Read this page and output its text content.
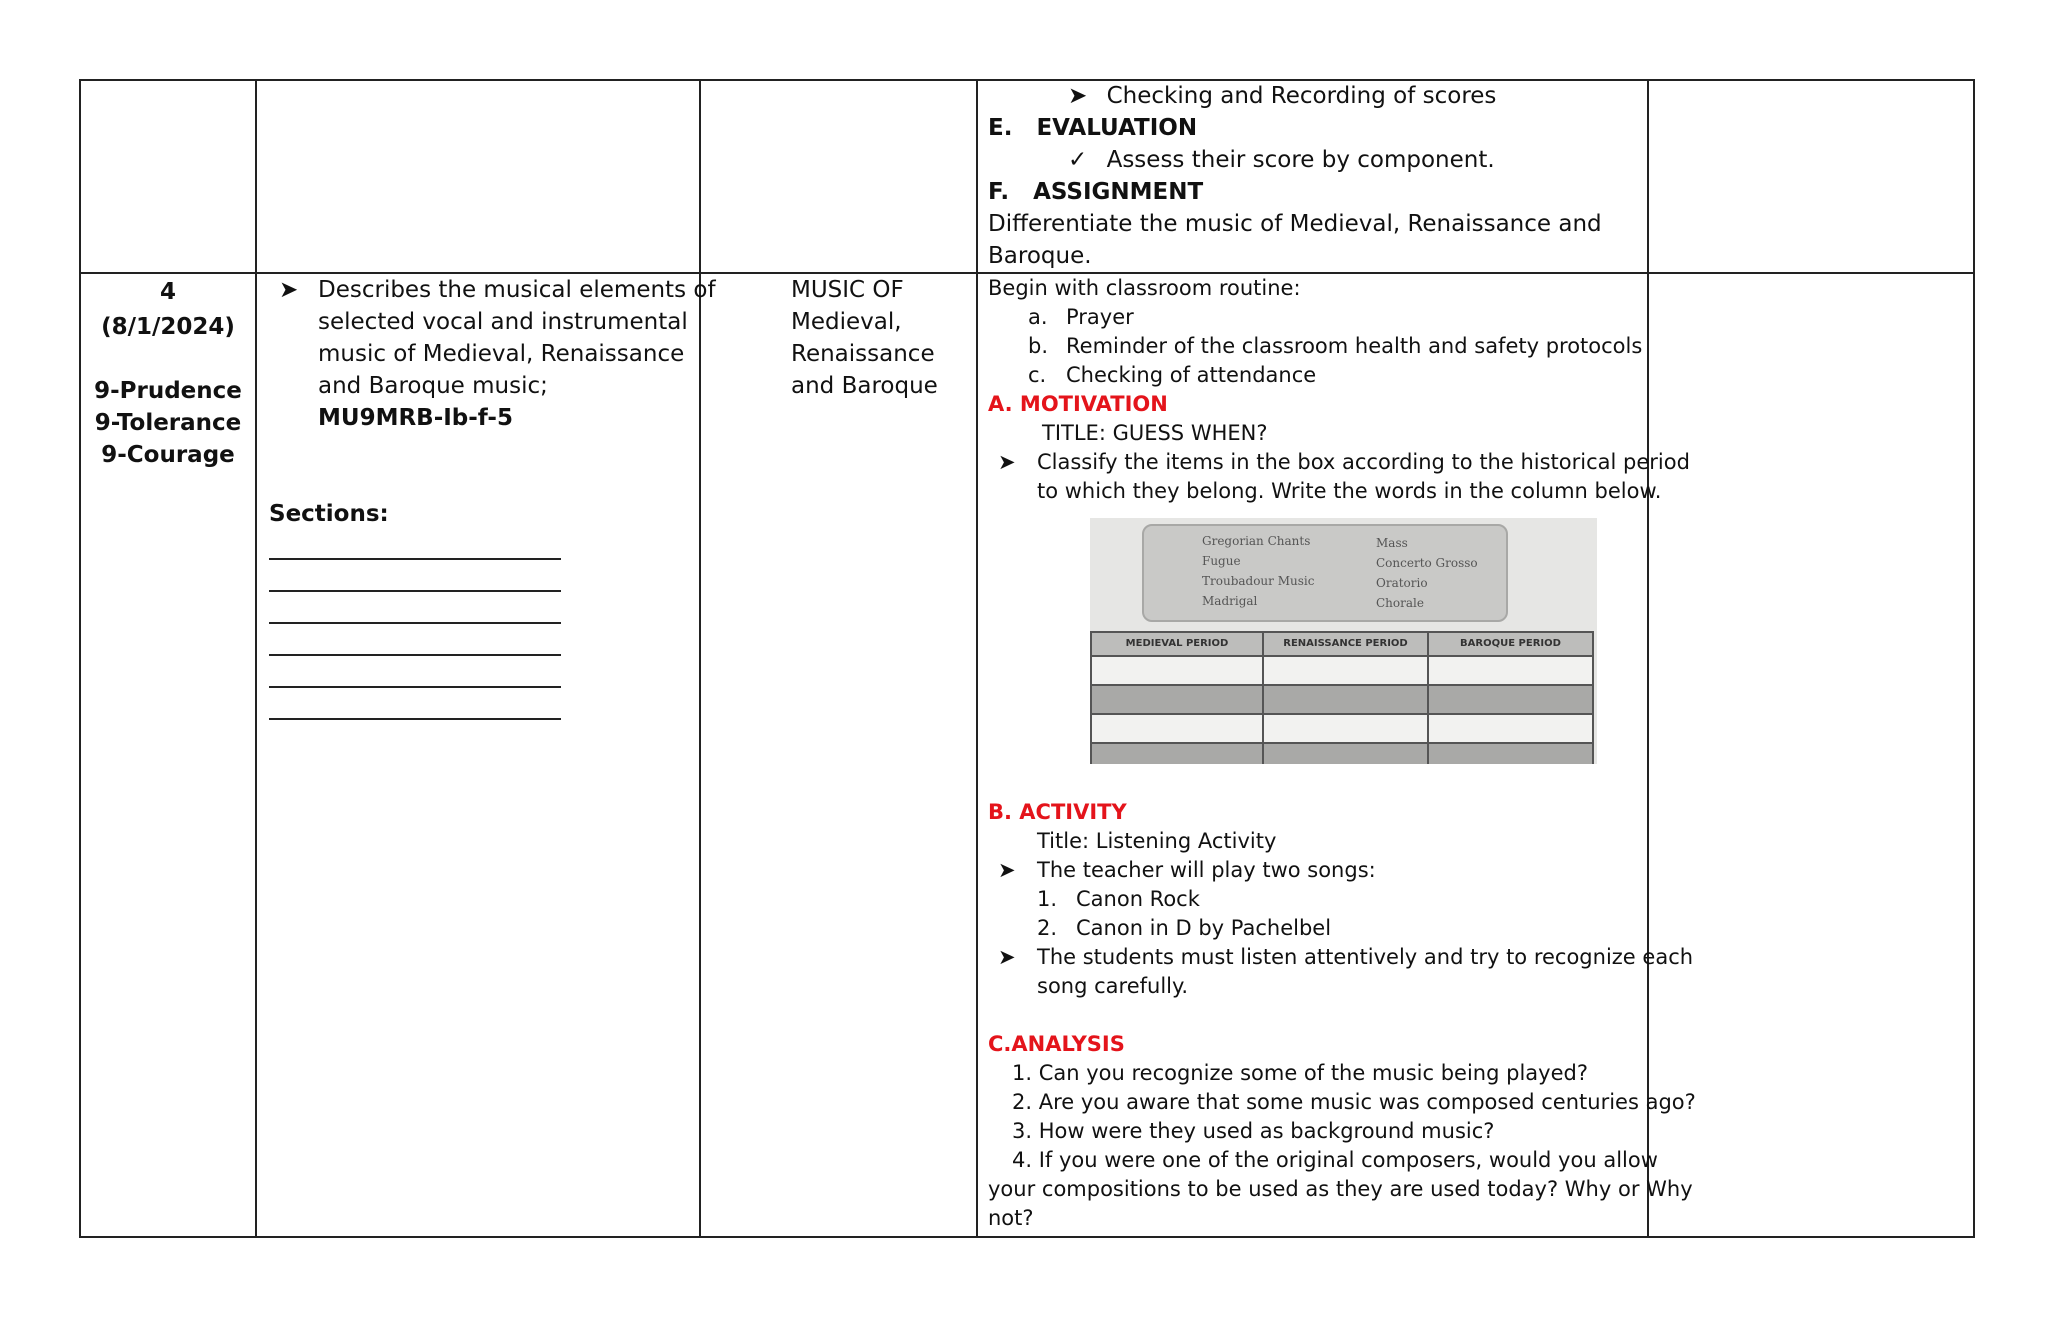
➤ Checking and Recording of scores
E.   EVALUATION
✓ Assess their score by component.
F.   ASSIGNMENT
Differentiate the music of Medieval, Renaissance and
Baroque.
4
(8/1/2024)
9-Prudence
9-Tolerance
9-Courage
➤ Describes the musical elements of
selected vocal and instrumental
music of Medieval, Renaissance
and Baroque music;
MU9MRB-Ib-f-5
Sections:
MUSIC OF
Medieval,
Renaissance
and Baroque
Begin with classroom routine:
a. Prayer
b. Reminder of the classroom health and safety protocols
c. Checking of attendance
A. MOTIVATION
TITLE: GUESS WHEN?
➤ Classify the items in the box according to the historical period
to which they belong. Write the words in the column below.
B. ACTIVITY
Title: Listening Activity
➤ The teacher will play two songs:
1. Canon Rock
2. Canon in D by Pachelbel
➤ The students must listen attentively and try to recognize each
song carefully.
C.ANALYSIS
1. Can you recognize some of the music being played?
2. Are you aware that some music was composed centuries ago?
3. How were they used as background music?
4. If you were one of the original composers, would you allow
your compositions to be used as they are used today? Why or Why
not?
Gregorian Chants
Fugue
Troubadour Music
Madrigal
Mass
Concerto Grosso
Oratorio
Chorale
MEDIEVAL PERIOD	RENAISSANCE PERIOD	BAROQUE PERIOD
